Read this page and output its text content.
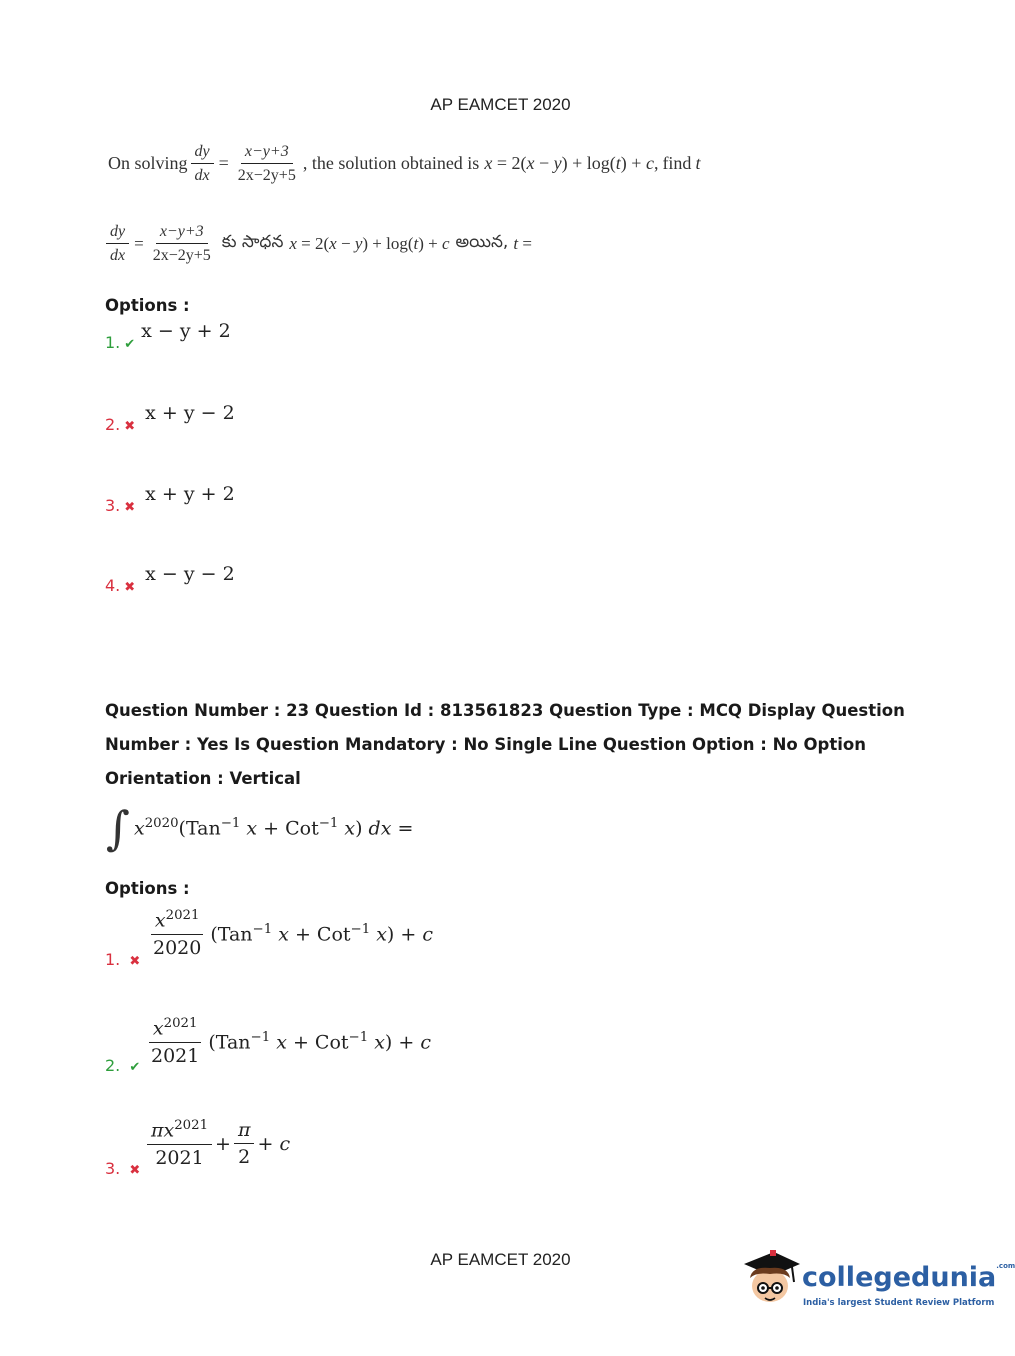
AP EAMCET 2020
On solving $\frac{dy}{dx} = \frac{x-y+3}{2x-2y+5}$ , the solution obtained is x = 2(x − y) + log(t) + c, find t
$\frac{dy}{dx} = \frac{x-y+3}{2x-2y+5}$ కు సాధన x = 2(x − y) + log(t) + c అయిన, t =
Options :
1. ✔
x − y + 2
2. ✖
x + y − 2
3. ✖
x + y + 2
4. ✖
x − y − 2
Question Number : 23 Question Id : 813561823 Question Type : MCQ Display Question
Number : Yes Is Question Mandatory : No Single Line Question Option : No Option
Orientation : Vertical
∫ $x^{2020}(Tan^{-1}$ x + Cot$^{-1}$ x) dx =
Options :
1. ✖
$\frac{x^{2021}}{2020} (Tan^{-1}$ x + Cot$^{-1}$ x) + c
2. ✔ $\frac{x^{2021}}{2021} (Tan^{-1}$ x + Cot$^{-1}$ x) + c
3. ✖
$\frac{\pi x^{2021}}{2021} + \frac{\pi}{2} + c$
AP EAMCET 2020
collegedunia$^{.com}$
India's largest Student Review Platform
